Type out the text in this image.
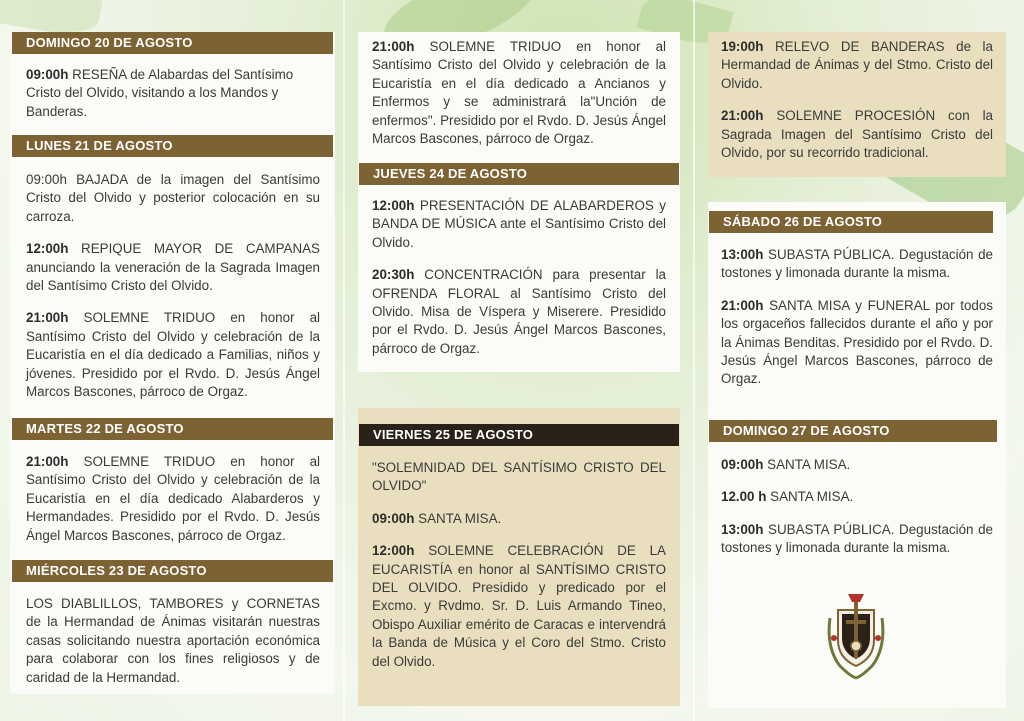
DOMINGO 20 DE AGOSTO

09:00h RESEÑA de Alabardas del Santísimo Cristo del Olvido, visitando a los Mandos y Banderas.

LUNES 21 DE AGOSTO

09:00h BAJADA de la imagen del Santísimo Cristo del Olvido y posterior colocación en su carroza.

12:00h REPIQUE MAYOR DE CAMPANAS anunciando la veneración de la Sagrada Imagen del Santísimo Cristo del Olvido.

21:00h SOLEMNE TRIDUO en honor al Santísimo Cristo del Olvido y celebración de la Eucaristía en el día dedicado a Familias, niños y jóvenes. Presidido por el Rvdo. D. Jesús Ángel Marcos Bascones, párroco de Orgaz.

MARTES 22 DE AGOSTO

21:00h SOLEMNE TRIDUO en honor al Santísimo Cristo del Olvido y celebración de la Eucaristía en el día dedicado Alabarderos y Hermandades. Presidido por el Rvdo. D. Jesús Ángel Marcos Bascones, párroco de Orgaz.

MIÉRCOLES 23 DE AGOSTO

LOS DIABLILLOS, TAMBORES y CORNETAS de la Hermandad de Ánimas visitarán nuestras casas solicitando nuestra aportación económica para colaborar con los fines religiosos y de caridad de la Hermandad.

21:00h SOLEMNE TRIDUO en honor al Santísimo Cristo del Olvido y celebración de la Eucaristía en el día dedicado a Ancianos y Enfermos y se administrará la"Unción de enfermos". Presidido por el Rvdo. D. Jesús Ángel Marcos Bascones, párroco de Orgaz.

JUEVES 24 DE AGOSTO

12:00h PRESENTACIÓN DE ALABARDEROS y BANDA DE MÚSICA ante el Santísimo Cristo del Olvido.

20:30h CONCENTRACIÓN para presentar la OFRENDA FLORAL al Santísimo Cristo del Olvido. Misa de Víspera y Miserere. Presidido por el Rvdo. D. Jesús Ángel Marcos Bascones, párroco de Orgaz.

VIERNES 25 DE AGOSTO

"SOLEMNIDAD DEL SANTÍSIMO CRISTO DEL OLVIDO"

09:00h SANTA MISA.

12:00h SOLEMNE CELEBRACIÓN DE LA EUCARISTÍA en honor al SANTÍSIMO CRISTO DEL OLVIDO. Presidido y predicado por el Excmo. y Rvdmo. Sr. D. Luis Armando Tineo, Obispo Auxiliar emérito de Caracas e intervendrá la Banda de Música y el Coro del Stmo. Cristo del Olvido.

19:00h RELEVO DE BANDERAS de la Hermandad de Ánimas y del Stmo. Cristo del Olvido.

21:00h SOLEMNE PROCESIÓN con la Sagrada Imagen del Santísimo Cristo del Olvido, por su recorrido tradicional.

SÁBADO 26 DE AGOSTO

13:00h SUBASTA PÚBLICA. Degustación de tostones y limonada durante la misma.

21:00h SANTA MISA y FUNERAL por todos los orgaceños fallecidos durante el año y por la Ánimas Benditas. Presidido por el Rvdo. D. Jesús Ángel Marcos Bascones, párroco de Orgaz.

DOMINGO 27 DE AGOSTO

09:00h SANTA MISA.

12.00 h SANTA MISA.

13:00h SUBASTA PÚBLICA. Degustación de tostones y limonada durante la misma.
